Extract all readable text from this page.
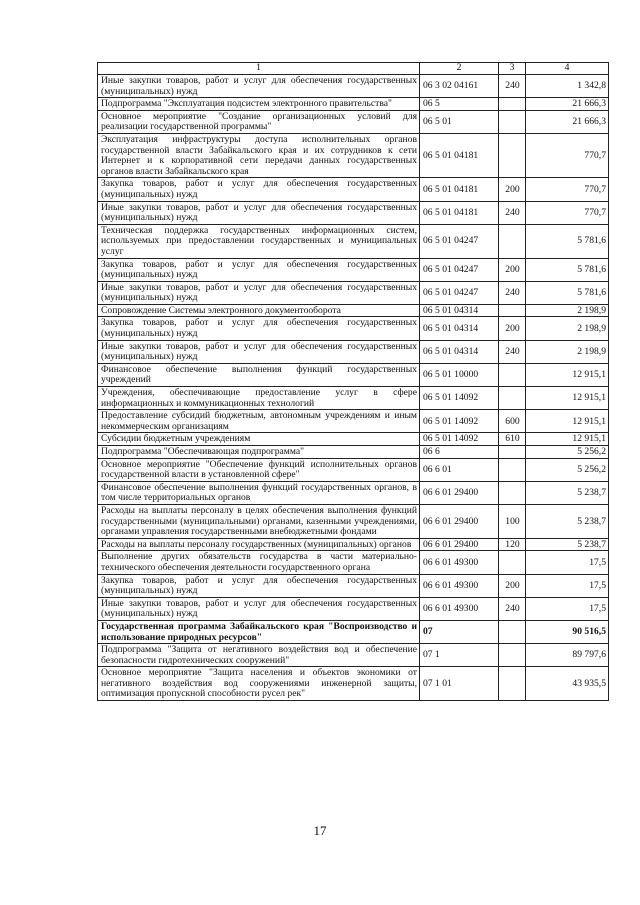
1	2	3	4
Иные закупки товаров, работ и услуг для обеспечения государственных (муниципальных) нужд	06 3 02 04161	240	1 342,8
Подпрограмма "Эксплуатация подсистем электронного правительства"	06 5		21 666,3
Основное мероприятие "Создание организационных условий для реализации государственной программы"	06 5 01		21 666,3
Эксплуатация инфраструктуры доступа исполнительных органов государственной власти Забайкальского края и их сотрудников к сети Интернет и к корпоративной сети передачи данных государственных органов власти Забайкальского края	06 5 01 04181		770,7
Закупка товаров, работ и услуг для обеспечения государственных (муниципальных) нужд	06 5 01 04181	200	770,7
Иные закупки товаров, работ и услуг для обеспечения государственных (муниципальных) нужд	06 5 01 04181	240	770,7
Техническая поддержка государственных информационных систем, используемых при предоставлении государственных и муниципальных услуг	06 5 01 04247		5 781,6
Закупка товаров, работ и услуг для обеспечения государственных (муниципальных) нужд	06 5 01 04247	200	5 781,6
Иные закупки товаров, работ и услуг для обеспечения государственных (муниципальных) нужд	06 5 01 04247	240	5 781,6
Сопровождение Системы электронного документооборота	06 5 01 04314		2 198,9
Закупка товаров, работ и услуг для обеспечения государственных (муниципальных) нужд	06 5 01 04314	200	2 198,9
Иные закупки товаров, работ и услуг для обеспечения государственных (муниципальных) нужд	06 5 01 04314	240	2 198,9
Финансовое обеспечение выполнения функций государственных учреждений	06 5 01 10000		12 915,1
Учреждения, обеспечивающие предоставление услуг в сфере информационных и коммуникационных технологий	06 5 01 14092		12 915,1
Предоставление субсидий бюджетным, автономным учреждениям и иным некоммерческим организациям	06 5 01 14092	600	12 915,1
Субсидии бюджетным учреждениям	06 5 01 14092	610	12 915,1
Подпрограмма "Обеспечивающая подпрограмма"	06 6		5 256,2
Основное мероприятие "Обеспечение функций исполнительных органов государственной власти в установленной сфере"	06 6 01		5 256,2
Финансовое обеспечение выполнения функций государственных органов, в том числе территориальных органов	06 6 01 29400		5 238,7
Расходы на выплаты персоналу в целях обеспечения выполнения функций государственными (муниципальными) органами, казенными учреждениями, органами управления государственными внебюджетными фондами	06 6 01 29400	100	5 238,7
Расходы на выплаты персоналу государственных (муниципальных) органов	06 6 01 29400	120	5 238,7
Выполнение других обязательств государства в части материально-технического обеспечения деятельности государственного органа	06 6 01 49300		17,5
Закупка товаров, работ и услуг для обеспечения государственных (муниципальных) нужд	06 6 01 49300	200	17,5
Иные закупки товаров, работ и услуг для обеспечения государственных (муниципальных) нужд	06 6 01 49300	240	17,5
Государственная программа Забайкальского края "Воспроизводство и использование природных ресурсов"	07		90 516,5
Подпрограмма "Защита от негативного воздействия вод и обеспечение безопасности гидротехнических сооружений"	07 1		89 797,6
Основное мероприятие "Защита населения и объектов экономики от негативного воздействия вод сооружениями инженерной защиты, оптимизация пропускной способности русел рек"	07 1 01		43 935,5
17
